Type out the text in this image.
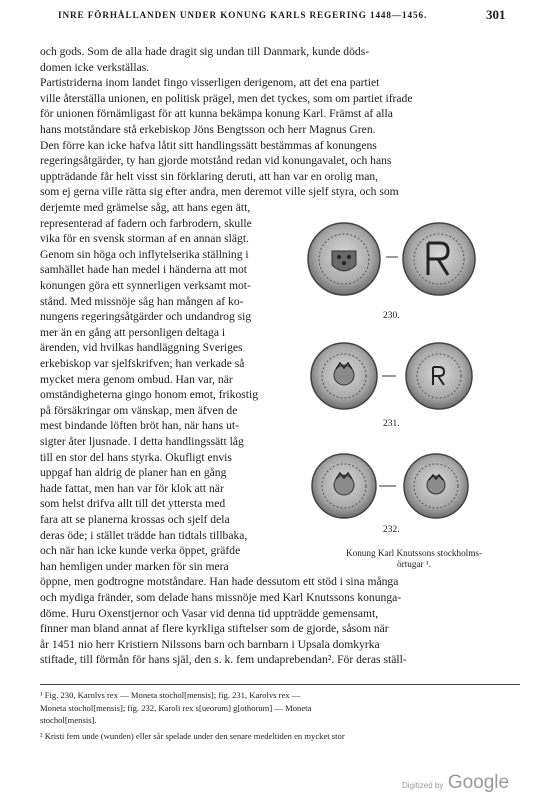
INRE FÖRHÅLLANDEN UNDER KONUNG KARLS REGERING 1448—1456.	301
och gods. Som de alla hade dragit sig undan till Danmark, kunde döds-
domen icke verkställas.
Partistriderna inom landet fingo visserligen derigenom, att det ena partiet
ville återställa unionen, en politisk prägel, men det tyckes, som om partiet ifrade
för unionen förnämligast för att kunna bekämpa konung Karl. Främst af alla
hans motståndare stå erkebiskop Jöns Bengtsson och herr Magnus Gren.
Den förre kan icke hafva låtit sitt handlingssätt bestämmas af konungens
regeringsåtgärder, ty han gjorde motstånd redan vid konungavalet, och hans
uppträdande får helt visst sin förklaring deruti, att han var en orolig man,
som ej gerna ville rätta sig efter andra, men deremot ville sjelf styra, och som
derjemte med grämelse såg, att hans egen ätt,
representerad af fadern och farbrodern, skulle
vika för en svensk storman af en annan slägt.
Genom sin höga och inflytelserika ställning i
samhället hade han medel i händerna att mot
konungen göra ett synnerligen verksamt mot-
stånd. Med missnöje såg han mången af ko-
nungens regeringsåtgärder och undandrog sig
mer än en gång att personligen deltaga i
ärenden, vid hvilkas handläggning Sveriges
erkebiskop var sjelfskrifven; han verkade så
mycket mera genom ombud. Han var, när
omständigheterna gingo honom emot, frikostig
på försäkringar om vänskap, men äfven de
mest bindande löften bröt han, när hans ut-
sigter åter ljusnade. I detta handlingssätt låg
till en stor del hans styrka. Okufligt envis
uppgaf han aldrig de planer han en gång
hade fattat, men han var för klok att när
som helst drifva allt till det yttersta med
fara att se planerna krossas och sjelf dela
deras öde; i stället trädde han tidtals tillbaka,
och när han icke kunde verka öppet, gräfde
han hemligen under marken för sin mera
öppne, men godtrogne motståndare. Han hade dessutom ett stöd i sina många
och mydiga fränder, som delade hans missnöje med Karl Knutssons konunga-
döme. Huru Oxenstjernor och Vasar vid denna tid uppträdde gemensamt,
finner man bland annat af flere kyrkliga stiftelser som de gjorde, såsom när
år 1451 nio herr Kristiern Nilssons barn och barnbarn i Upsala domkyrka
stiftade, till förmån för hans själ, den s. k. fem undaprebendan². För deras ställ-
230.
231.
232.
Konung Karl Knutssons stockholms-
örtugar ¹.
¹ Fig. 230, Karolvs rex — Moneta stochol[mensis]; fig. 231, Karolvs rex —
Moneta stochol[mensis]; fig. 232, Karoli rex s[ueorum] g[othorum] — Moneta
stochol[mensis].
² Kristi fem unde (wunden) eller sår spelade under den senare medeltiden en mycket stor
Digitized by Google
